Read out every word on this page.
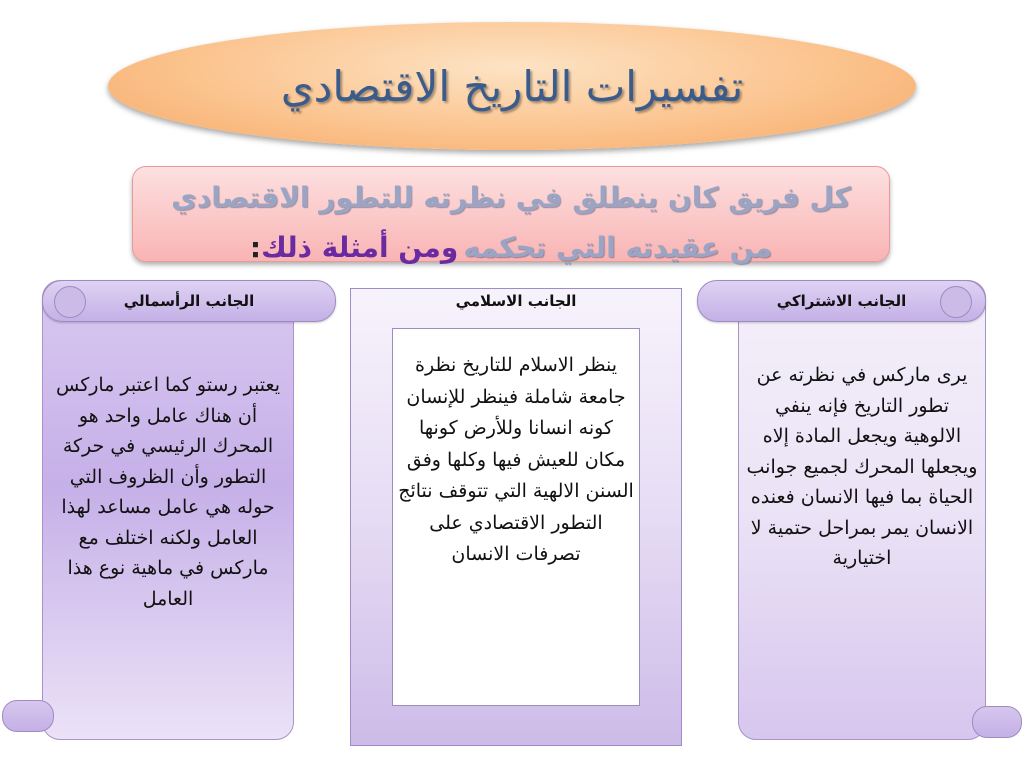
تفسيرات التاريخ الاقتصادي
كل فريق كان ينطلق في نظرته للتطور الاقتصادي من عقيدته التي تحكمه ومن أمثلة ذلك:
الجانب الرأسمالي
يعتبر رستو كما اعتبر ماركس أن هناك عامل واحد هو المحرك الرئيسي في حركة التطور وأن الظروف التي حوله هي عامل مساعد لهذا العامل ولكنه اختلف مع ماركس في ماهية نوع هذا العامل
الجانب الاسلامي
ينظر الاسلام للتاريخ نظرة جامعة شاملة فينظر للإنسان كونه انسانا وللأرض كونها مكان للعيش فيها وكلها وفق السنن الالهية التي تتوقف نتائج التطور الاقتصادي على تصرفات الانسان
الجانب الاشتراكي
يرى ماركس في نظرته عن تطور التاريخ فإنه ينفي الالوهية ويجعل المادة إلاه ويجعلها المحرك لجميع جوانب الحياة بما فيها الانسان فعنده الانسان يمر بمراحل حتمية لا اختيارية
